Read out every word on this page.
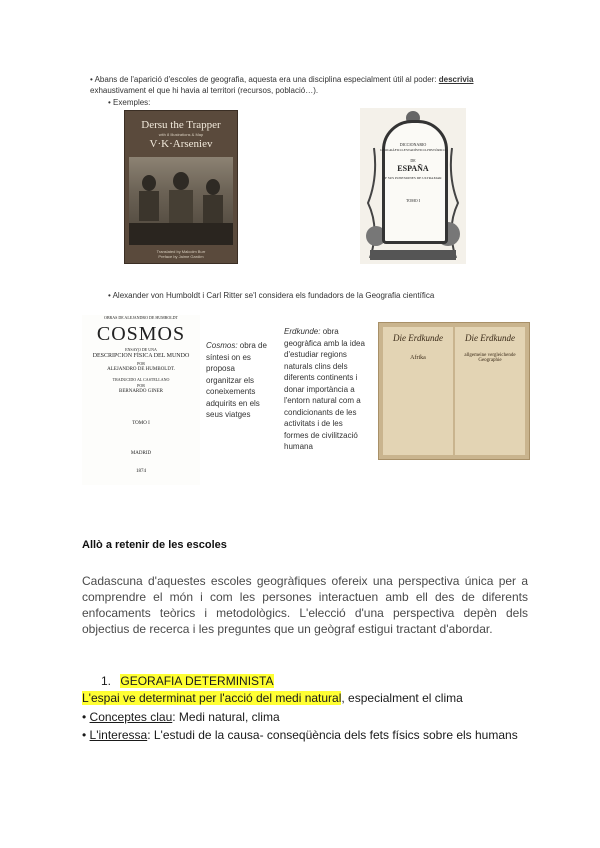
• Abans de l'aparició d'escoles de geografia, aquesta era una disciplina especialment útil al poder: descrivia exhaustivament el que hi havia al territori (recursos, població…).
• Exemples:
Dersu the Trapper
with 8 Illustrations & Map
V·K·Arseniev
Translated by Malcolm Burr
Preface by Jaime Gardim
DICCIONARIO
GEOGRÁFICO-ESTADÍSTICO-HISTÓRICO
DE
ESPAÑA
Y SUS POSESIONES DE ULTRAMAR
TOMO I
• Alexander von Humboldt i Carl Ritter se'l considera els fundadors de la Geografia científica
OBRAS DE ALEJANDRO DE HUMBOLDT
COSMOS
ENSAYO DE UNA
DESCRIPCION FÍSICA DEL MUNDO
POR
ALEJANDRO DE HUMBOLDT.
TRADUCIDO AL CASTELLANO
POR
BERNARDO GINER
TOMO I
MADRID
1874
Cosmos: obra de síntesi on es proposa organitzar els coneixements adquirits en els seus viatges
Erdkunde: obra geogràfica amb la idea d'estudiar regions naturals clins dels diferents continents i donar importància a l'entorn natural com a condicionants de les activitats i de les formes de civilització humana
Die Erdkunde
Afrika
Die Erdkunde
allgemeine vergleichende Geographie
Allò a retenir de les escoles
Cadascuna d'aquestes escoles geogràfiques ofereix una perspectiva única per a comprendre el món i com les persones interactuen amb ell des de diferents enfocaments teòrics i metodològics. L'elecció d'una perspectiva depèn dels objectius de recerca i les preguntes que un geògraf estigui tractant d'abordar.
1. GEORAFIA DETERMINISTA
L'espai ve determinat per l'acció del medi natural, especialment el clima
• Conceptes clau: Medi natural, clima
• L'interessa: L'estudi de la causa- conseqüència dels fets físics sobre els humans
